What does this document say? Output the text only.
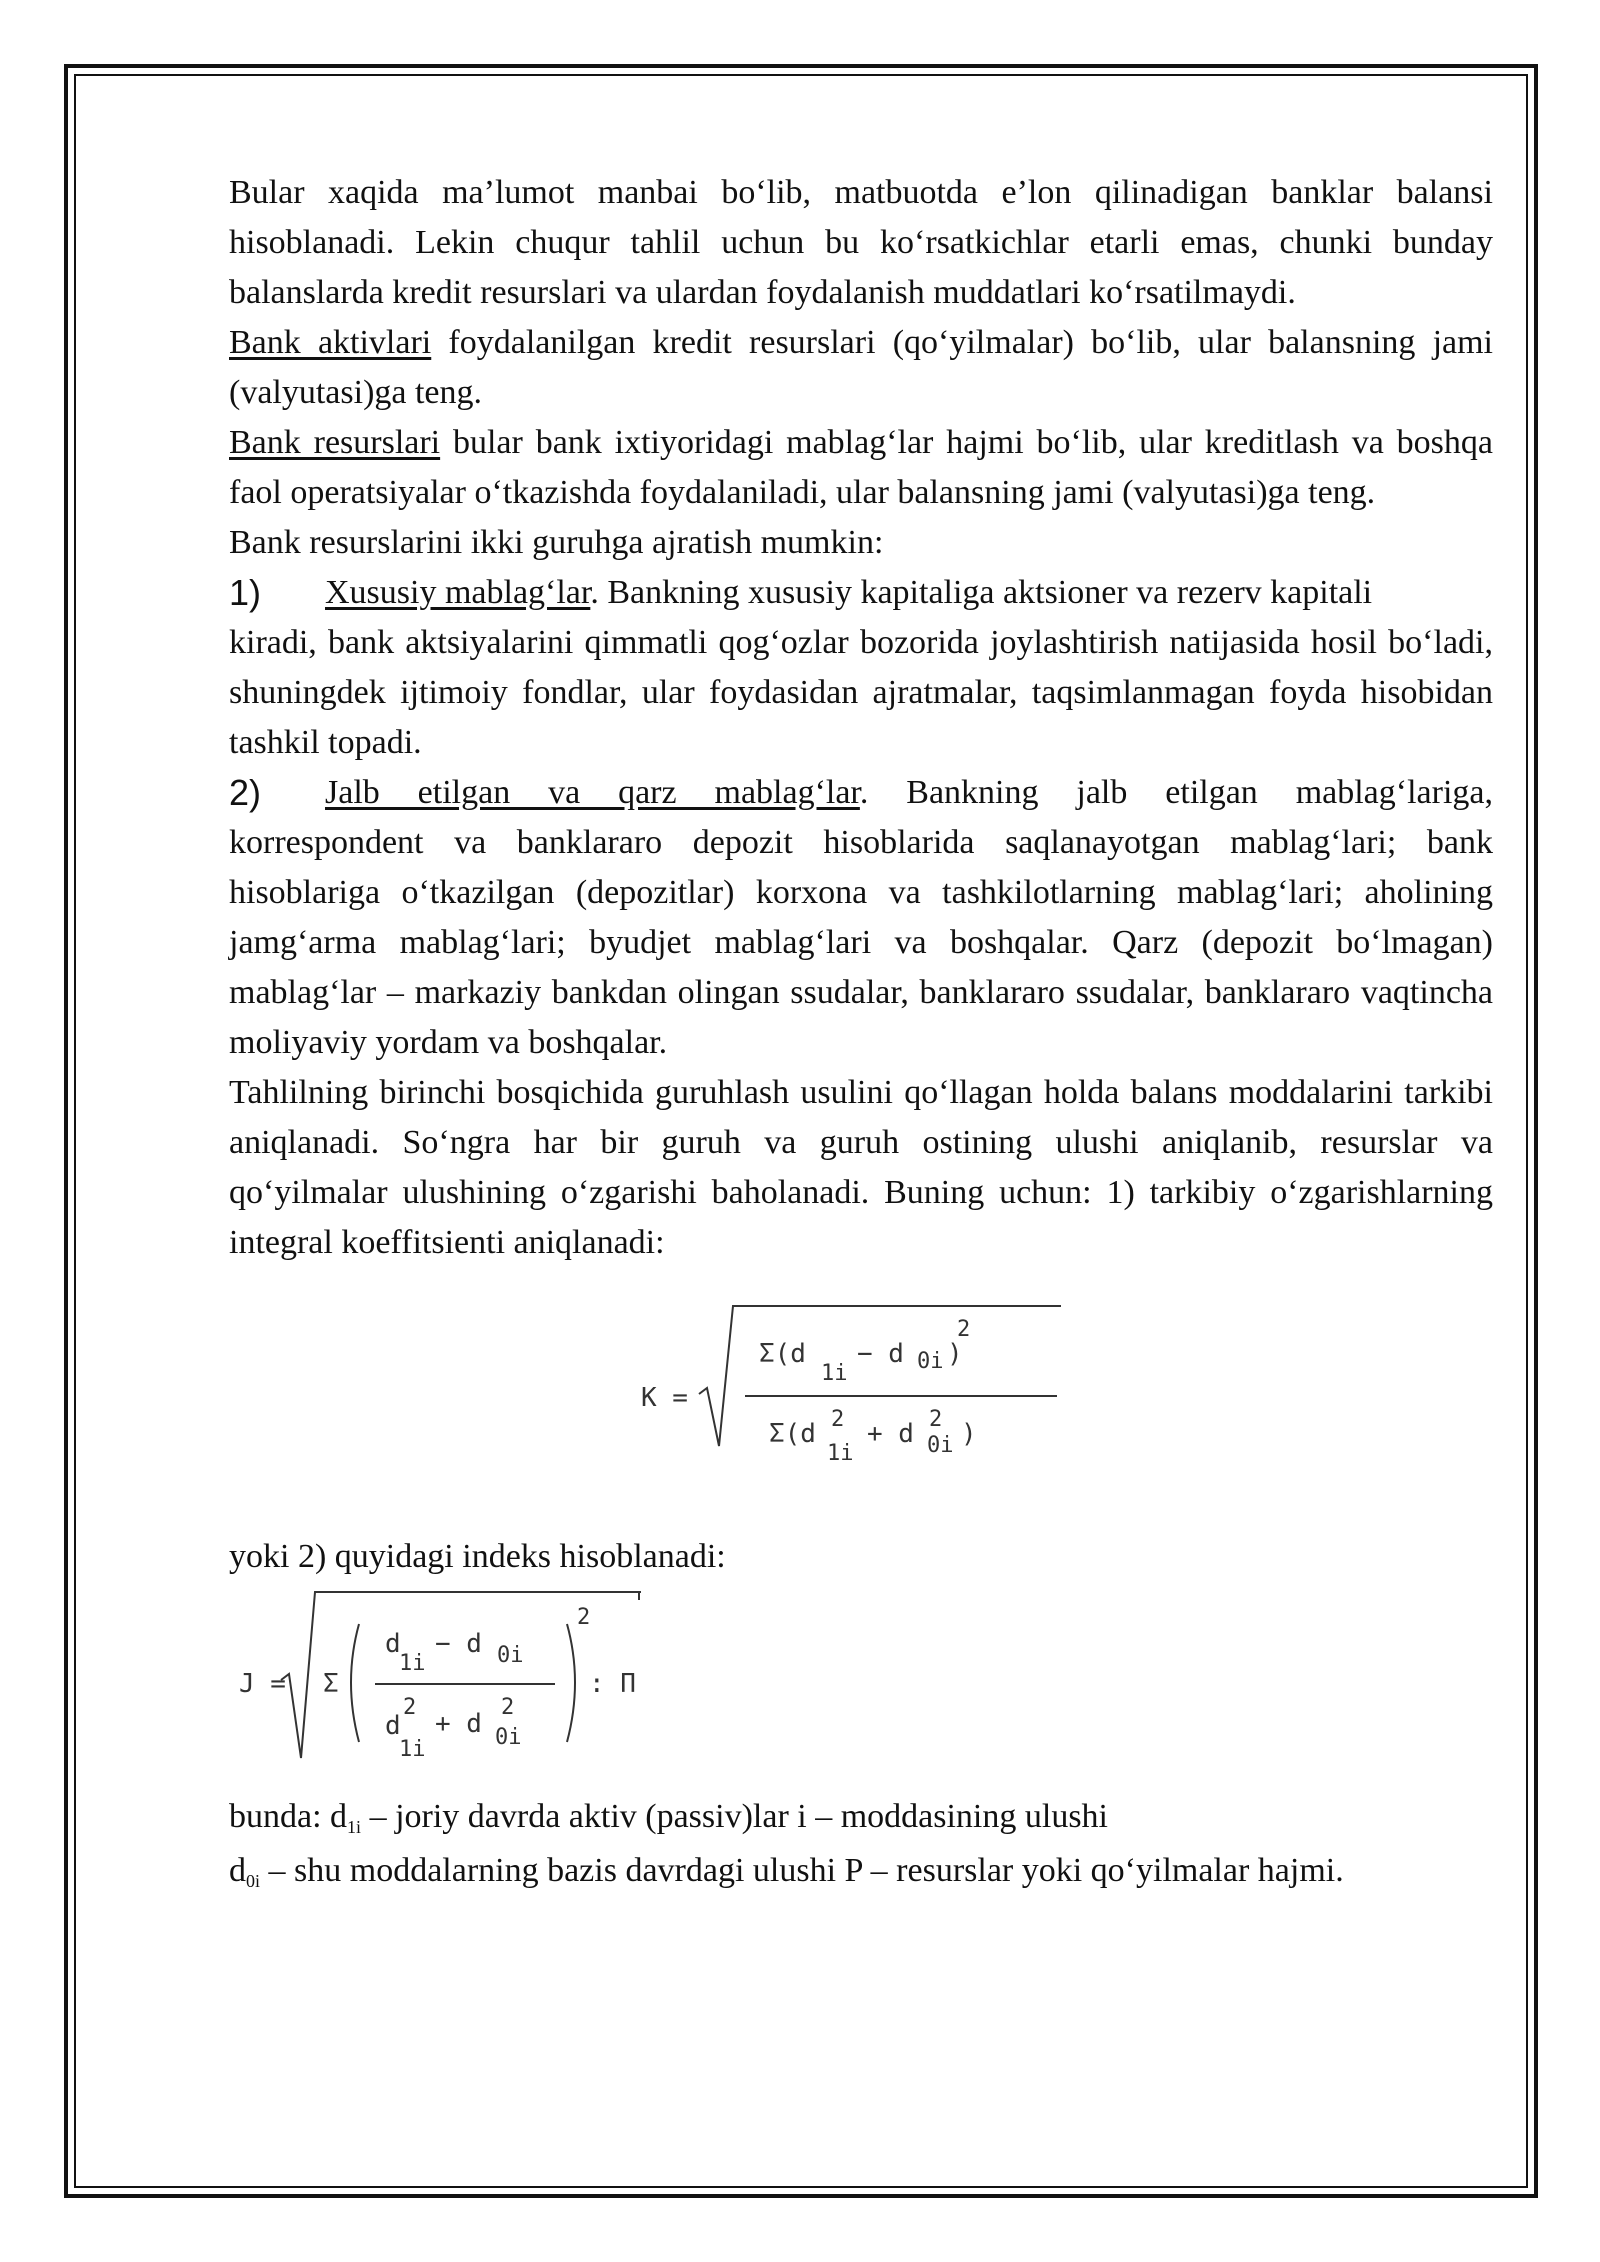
Bular xaqida ma’lumot manbai bo‘lib, matbuotda e’lon qilinadigan banklar balansi hisoblanadi. Lekin chuqur tahlil uchun bu ko‘rsatkichlar etarli emas, chunki bunday balanslarda kredit resurslari va ulardan foydalanish muddatlari ko‘rsatilmaydi.

Bank aktivlari foydalanilgan kredit resurslari (qo‘yilmalar) bo‘lib, ular balansning jami (valyutasi)ga teng.

Bank resurslari bular bank ixtiyoridagi mablag‘lar hajmi bo‘lib, ular kreditlash va boshqa faol operatsiyalar o‘tkazishda foydalaniladi, ular balansning jami (valyutasi)ga teng.

Bank resurslarini ikki guruhga ajratish mumkin:

1)	Xususiy mablag‘lar. Bankning xususiy kapitaliga aktsioner va rezerv kapitali

kiradi, bank aktsiyalarini qimmatli qog‘ozlar bozorida joylashtirish natijasida hosil bo‘ladi, shuningdek ijtimoiy fondlar, ular foydasidan ajratmalar, taqsimlanmagan foyda hisobidan tashkil topadi.

2)	Jalb etilgan va qarz mablag‘lar. Bankning jalb etilgan mablag‘lariga,

korrespondent va banklararo depozit hisoblarida saqlanayotgan mablag‘lari; bank hisoblariga o‘tkazilgan (depozitlar) korxona va tashkilotlarning mablag‘lari; aholining jamg‘arma mablag‘lari; byudjet mablag‘lari va boshqalar. Qarz (depozit bo‘lmagan) mablag‘lar – markaziy bankdan olingan ssudalar, banklararo ssudalar, banklararo vaqtincha moliyaviy yordam va boshqalar.

Tahlilning birinchi bosqichida guruhlash usulini qo‘llagan holda balans moddalarini tarkibi aniqlanadi. So‘ngra har bir guruh va guruh ostining ulushi aniqlanib, resurslar va qo‘yilmalar ulushining o‘zgarishi baholanadi. Buning uchun: 1) tarkibiy o‘zgarishlarning integral koeffitsienti aniqlanadi:

K =
Σ(d
1i
− d 0i )
2
Σ(d 2
1i
+ d 2
0i )

yoki 2) quyidagi indeks hisoblanadi:

J = Σ
d
1i
− d 0i
d
2
1i
+ d
2
0i
2
: Π

bunda: d1i – joriy davrda aktiv (passiv)lar i – moddasining ulushi

d0i – shu moddalarning bazis davrdagi ulushi P – resurslar yoki qo‘yilmalar hajmi.
